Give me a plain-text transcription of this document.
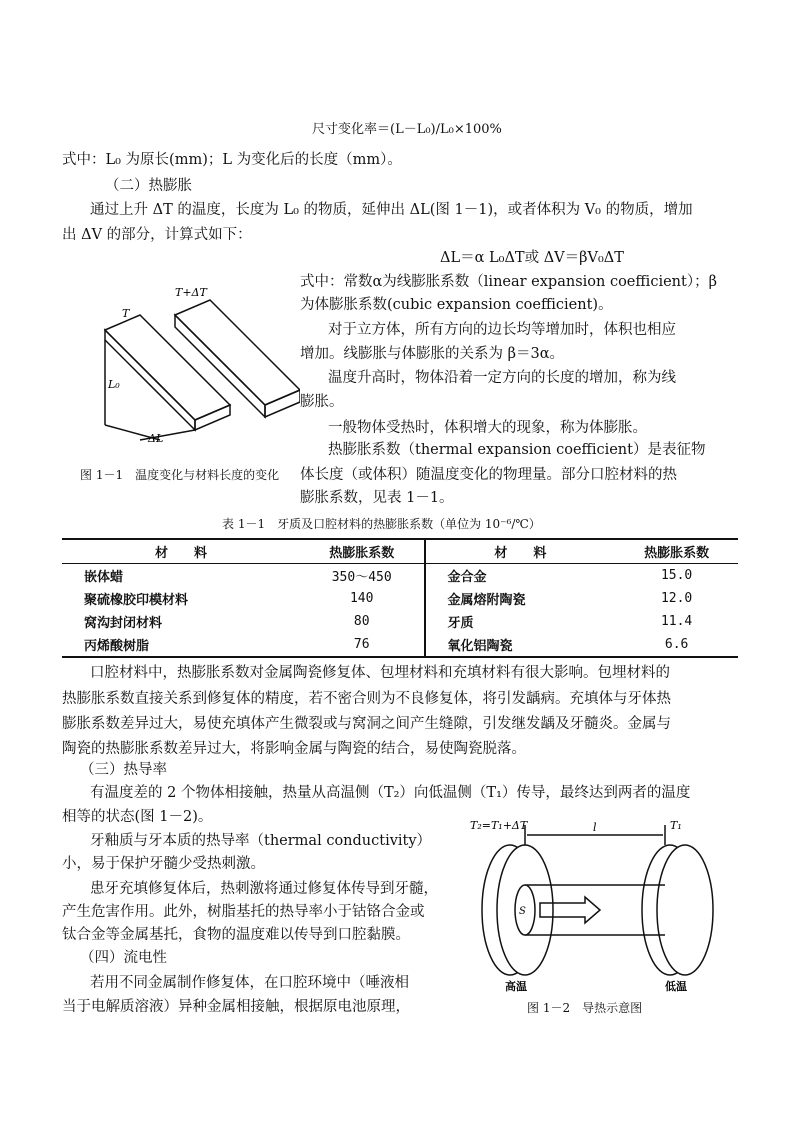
尺寸变化率＝(L－L₀)/L₀×100%
式中：L₀ 为原长(mm)；L 为变化后的长度（mm）。
（二）热膨胀
通过上升 ΔT 的温度，长度为 L₀ 的物质，延伸出 ΔL(图 1－1)，或者体积为 V₀ 的物质，增加
出 ΔV 的部分，计算式如下：
ΔL＝α L₀ΔT或 ΔV＝βV₀ΔT
式中：常数α为线膨胀系数（linear expansion coefficient）；β
为体膨胀系数(cubic expansion coefficient)。
对于立方体，所有方向的边长均等增加时，体积也相应
增加。线膨胀与体膨胀的关系为 β＝3α。
温度升高时，物体沿着一定方向的长度的增加，称为线
膨胀。
一般物体受热时，体积增大的现象，称为体膨胀。
热膨胀系数（thermal expansion coefficient）是表征物
体长度（或体积）随温度变化的物理量。部分口腔材料的热
膨胀系数，见表 1－1。
T
T+ΔT
L₀
ΔL
图 1－1　温度变化与材料长度的变化
表 1－1　牙质及口腔材料的热膨胀系数（单位为 10⁻⁶/℃）
材　　料	热膨胀系数	材　　料	热膨胀系数
嵌体蜡	350～450	金合金	15.0
聚硫橡胶印模材料	140	金属熔附陶瓷	12.0
窝沟封闭材料	80	牙质	11.4
丙烯酸树脂	76	氧化铝陶瓷	6.6
口腔材料中，热膨胀系数对金属陶瓷修复体、包埋材料和充填材料有很大影响。包埋材料的
热膨胀系数直接关系到修复体的精度，若不密合则为不良修复体，将引发龋病。充填体与牙体热
膨胀系数差异过大，易使充填体产生微裂或与窝洞之间产生缝隙，引发继发龋及牙髓炎。金属与
陶瓷的热膨胀系数差异过大，将影响金属与陶瓷的结合，易使陶瓷脱落。
（三）热导率
有温度差的 2 个物体相接触，热量从高温侧（T₂）向低温侧（T₁）传导，最终达到两者的温度
相等的状态(图 1－2)。
牙釉质与牙本质的热导率（thermal conductivity）
小，易于保护牙髓少受热刺激。
患牙充填修复体后，热刺激将通过修复体传导到牙髓，
产生危害作用。此外，树脂基托的热导率小于钴铬合金或
钛合金等金属基托，食物的温度难以传导到口腔黏膜。
（四）流电性
若用不同金属制作修复体，在口腔环境中（唾液相
当于电解质溶液）异种金属相接触，根据原电池原理，
T₂=T₁+ΔT	l	T₁
S
高温	低温
图 1－2　导热示意图
